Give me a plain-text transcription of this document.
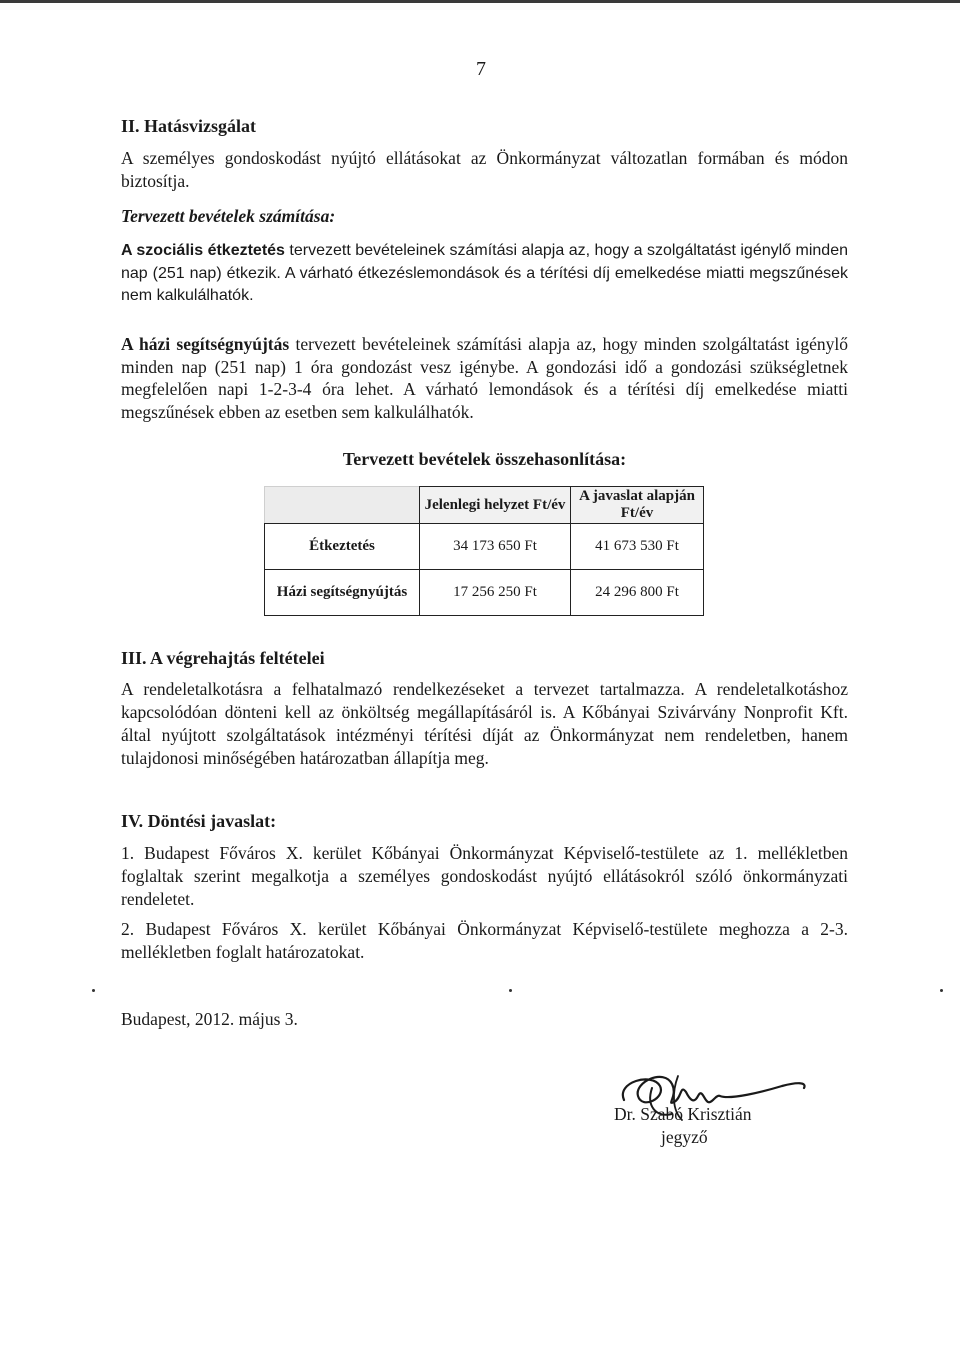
7
II. Hatásvizsgálat

A személyes gondoskodást nyújtó ellátásokat az Önkormányzat változatlan formában és módon biztosítja.

Tervezett bevételek számítása:

A szociális étkeztetés tervezett bevételeinek számítási alapja az, hogy a szolgáltatást igénylő minden nap (251 nap) étkezik. A várható étkezéslemondások és a térítési díj emelkedése miatti megszűnések nem kalkulálhatók.

A házi segítségnyújtás tervezett bevételeinek számítási alapja az, hogy minden szolgáltatást igénylő minden nap (251 nap) 1 óra gondozást vesz igénybe. A gondozási idő a gondozási szükségletnek megfelelően napi 1-2-3-4 óra lehet. A várható lemondások és a térítési díj emelkedése miatti megszűnések ebben az esetben sem kalkulálhatók.

Tervezett bevételek összehasonlítása:
	Jelenlegi helyzet Ft/év	A javaslat alapján Ft/év
Étkeztetés	34 173 650 Ft	41 673 530 Ft
Házi segítségnyújtás	17 256 250 Ft	24 296 800 Ft
III. A végrehajtás feltételei

A rendeletalkotásra a felhatalmazó rendelkezéseket a tervezet tartalmazza. A rendeletalkotáshoz kapcsolódóan dönteni kell az önköltség megállapításáról is. A Kőbányai Szivárvány Nonprofit Kft. által nyújtott szolgáltatások intézményi térítési díját az Önkormányzat nem rendeletben, hanem tulajdonosi minőségében határozatban állapítja meg.

IV. Döntési javaslat:

1. Budapest Főváros X. kerület Kőbányai Önkormányzat Képviselő-testülete az 1. mellékletben foglaltak szerint megalkotja a személyes gondoskodást nyújtó ellátásokról szóló önkormányzati rendeletet.

2. Budapest Főváros X. kerület Kőbányai Önkormányzat Képviselő-testülete meghozza a 2-3. mellékletben foglalt határozatokat.

Budapest, 2012. május 3.
Dr. Szabó Krisztián
jegyző
